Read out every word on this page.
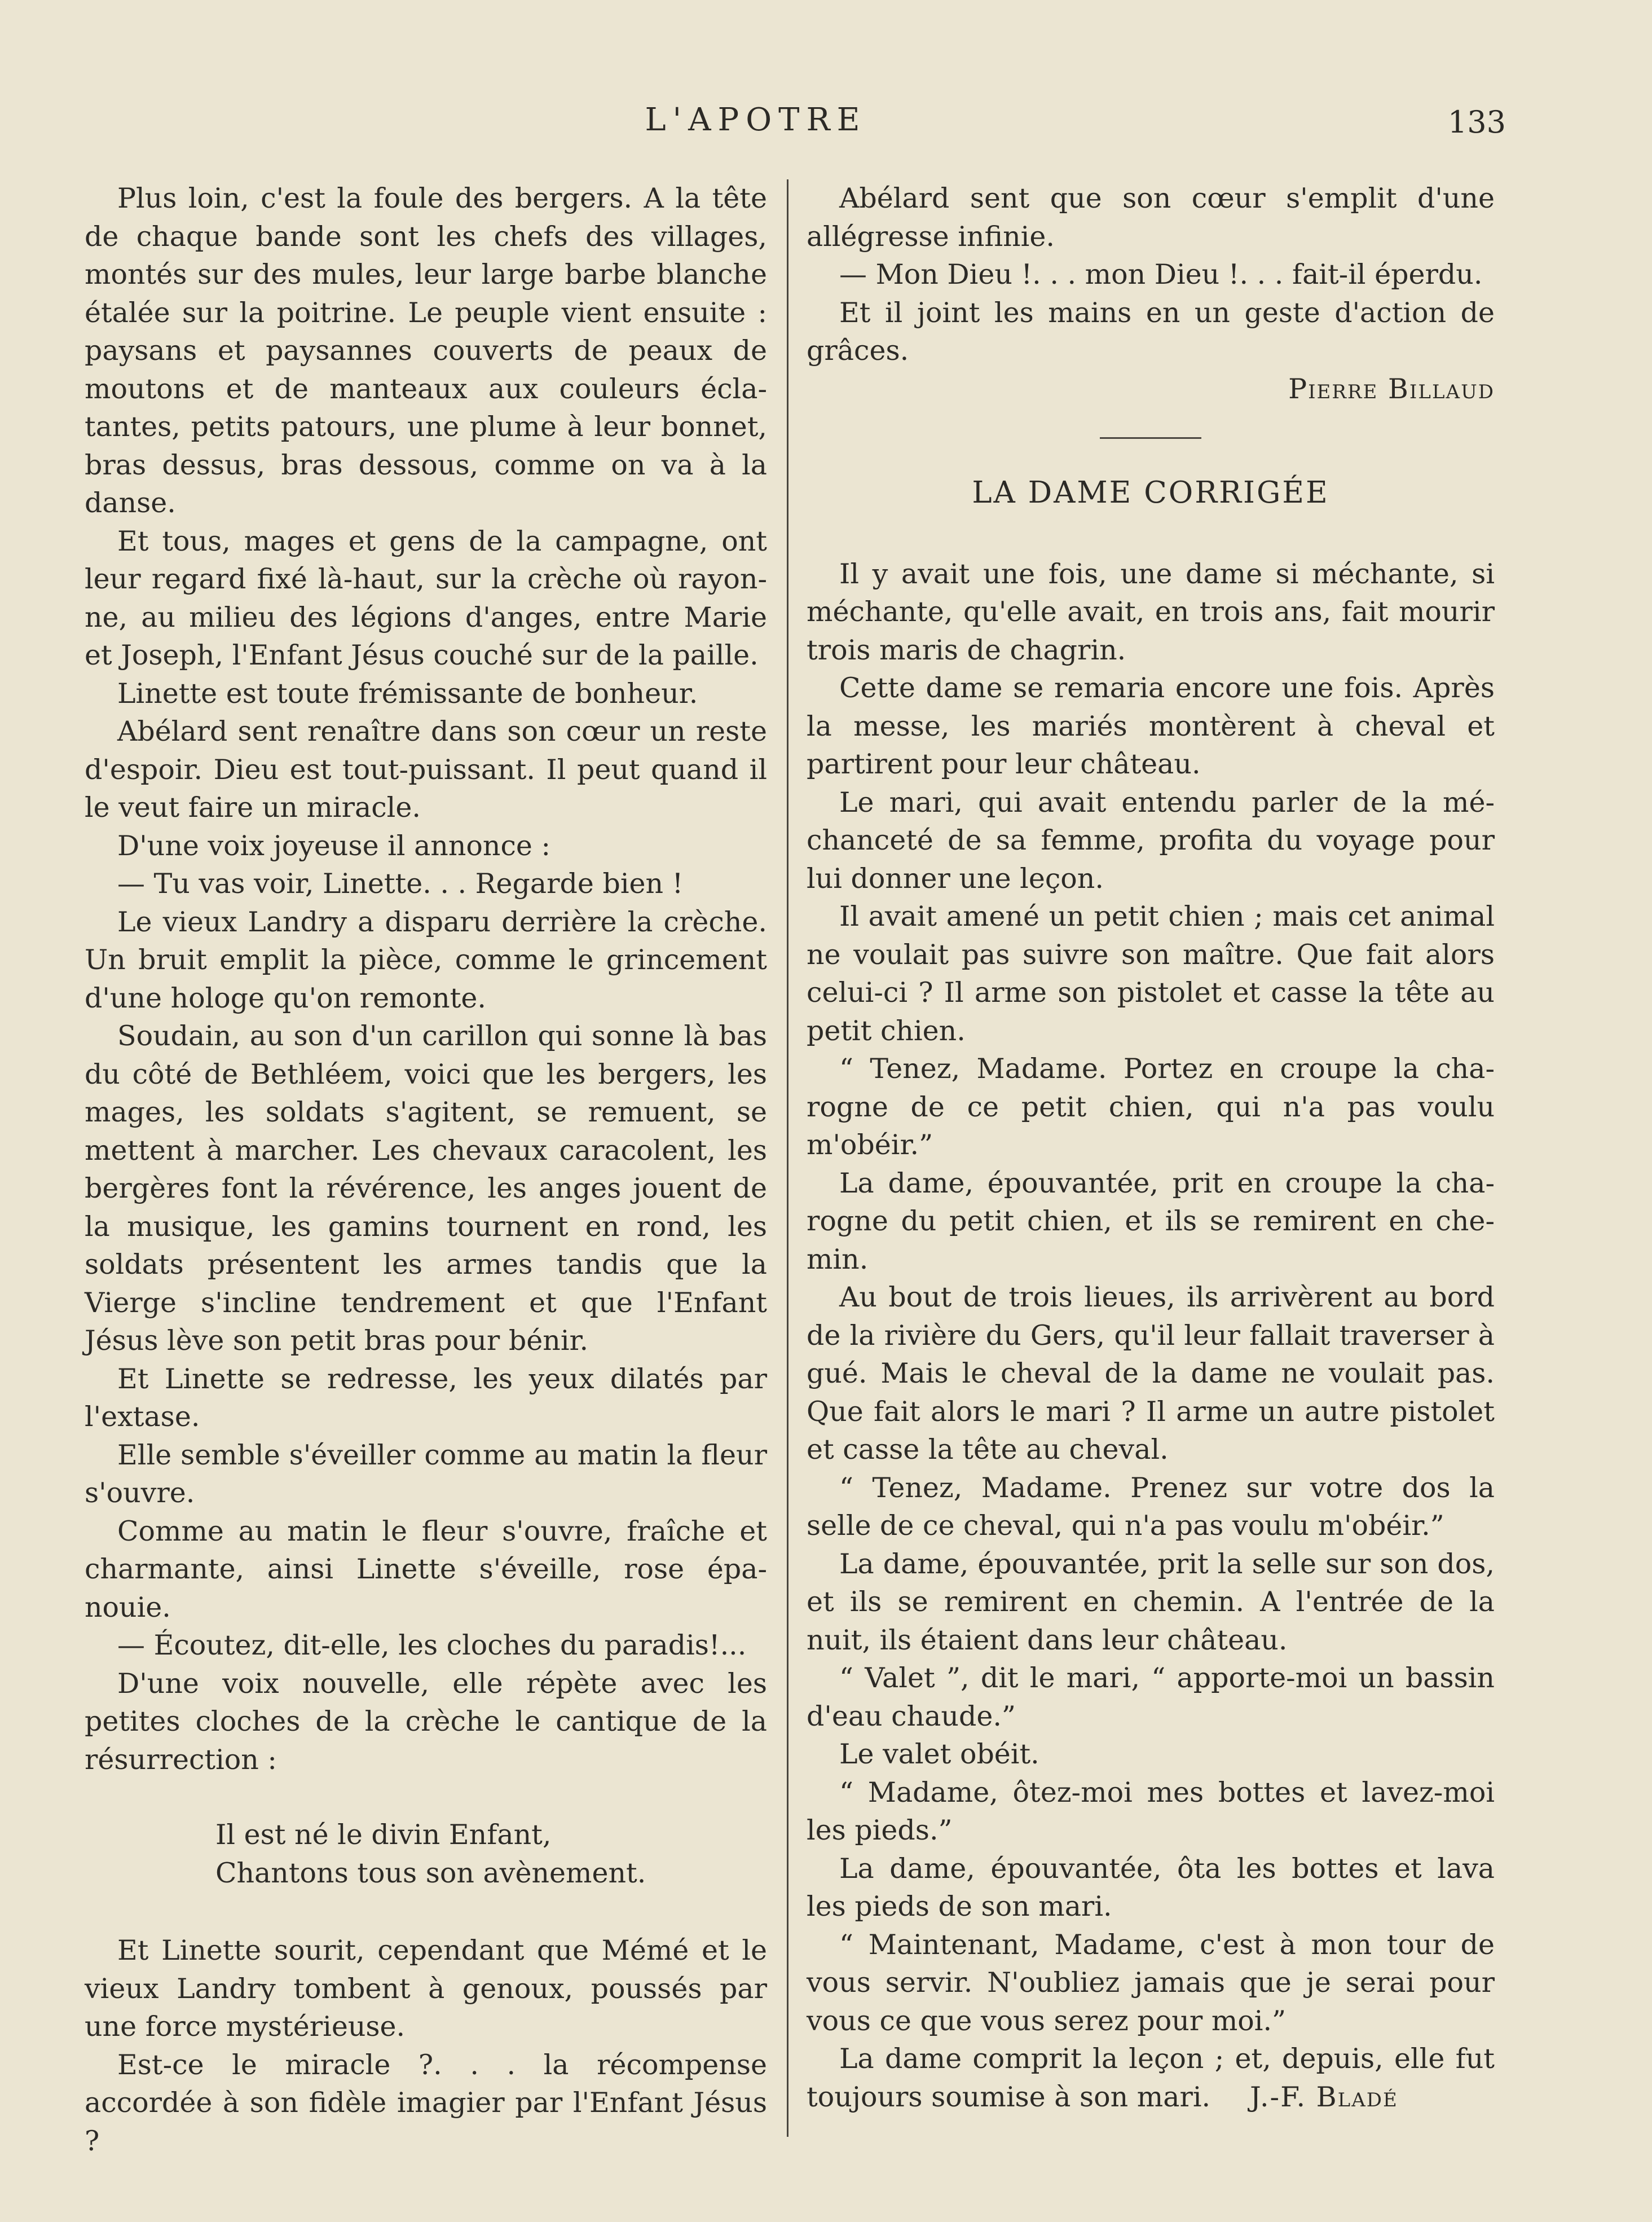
L'APOTRE	133

Plus loin, c'est la foule des bergers. A la tête de chaque bande sont les chefs des villages, montés sur des mules, leur large barbe blanche étalée sur la poitrine. Le peuple vient ensuite : paysans et paysannes couverts de peaux de moutons et de manteaux aux couleurs éclatantes, petits patours, une plume à leur bonnet, bras dessus, bras dessous, comme on va à la danse.

Et tous, mages et gens de la campagne, ont leur regard fixé là-haut, sur la crèche où rayonne, au milieu des légions d'anges, entre Marie et Joseph, l'Enfant Jésus couché sur de la paille.

Linette est toute frémissante de bonheur.

Abélard sent renaître dans son cœur un reste d'espoir. Dieu est tout-puissant. Il peut quand il le veut faire un miracle.

D'une voix joyeuse il annonce :

— Tu vas voir, Linette. . . Regarde bien !

Le vieux Landry a disparu derrière la crèche. Un bruit emplit la pièce, comme le grincement d'une hologe qu'on remonte.

Soudain, au son d'un carillon qui sonne là bas du côté de Bethléem, voici que les bergers, les mages, les soldats s'agitent, se remuent, se mettent à marcher. Les chevaux caracolent, les bergères font la révérence, les anges jouent de la musique, les gamins tournent en rond, les soldats présentent les armes tandis que la Vierge s'incline tendrement et que l'Enfant Jésus lève son petit bras pour bénir.

Et Linette se redresse, les yeux dilatés par l'extase.

Elle semble s'éveiller comme au matin la fleur s'ouvre.

Comme au matin le fleur s'ouvre, fraîche et charmante, ainsi Linette s'éveille, rose épanouie.

— Écoutez, dit-elle, les cloches du paradis!...

D'une voix nouvelle, elle répète avec les petites cloches de la crèche le cantique de la résurrection :

Il est né le divin Enfant,
Chantons tous son avènement.

Et Linette sourit, cependant que Mémé et le vieux Landry tombent à genoux, poussés par une force mystérieuse.

Est-ce le miracle ?. . . la récompense accordée à son fidèle imagier par l'Enfant Jésus ?

Abélard sent que son cœur s'emplit d'une allégresse infinie.

— Mon Dieu !. . . mon Dieu !. . . fait-il éperdu.

Et il joint les mains en un geste d'action de grâces.

Pierre Billaud

LA DAME CORRIGÉE

Il y avait une fois, une dame si méchante, si méchante, qu'elle avait, en trois ans, fait mourir trois maris de chagrin.

Cette dame se remaria encore une fois. Après la messe, les mariés montèrent à cheval et partirent pour leur château.

Le mari, qui avait entendu parler de la méchanceté de sa femme, profita du voyage pour lui donner une leçon.

Il avait amené un petit chien ; mais cet animal ne voulait pas suivre son maître. Que fait alors celui-ci ? Il arme son pistolet et casse la tête au petit chien.

“ Tenez, Madame. Portez en croupe la charogne de ce petit chien, qui n'a pas voulu m'obéir.”

La dame, épouvantée, prit en croupe la charogne du petit chien, et ils se remirent en chemin.

Au bout de trois lieues, ils arrivèrent au bord de la rivière du Gers, qu'il leur fallait traverser à gué. Mais le cheval de la dame ne voulait pas. Que fait alors le mari ? Il arme un autre pistolet et casse la tête au cheval.

“ Tenez, Madame. Prenez sur votre dos la selle de ce cheval, qui n'a pas voulu m'obéir.”

La dame, épouvantée, prit la selle sur son dos, et ils se remirent en chemin. A l'entrée de la nuit, ils étaient dans leur château.

“ Valet ”, dit le mari, “ apporte-moi un bassin d'eau chaude.”

Le valet obéit.

“ Madame, ôtez-moi mes bottes et lavez-moi les pieds.”

La dame, épouvantée, ôta les bottes et lava les pieds de son mari.

“ Maintenant, Madame, c'est à mon tour de vous servir. N'oubliez jamais que je serai pour vous ce que vous serez pour moi.”

La dame comprit la leçon ; et, depuis, elle fut toujours soumise à son mari. J.-F. Bladé
